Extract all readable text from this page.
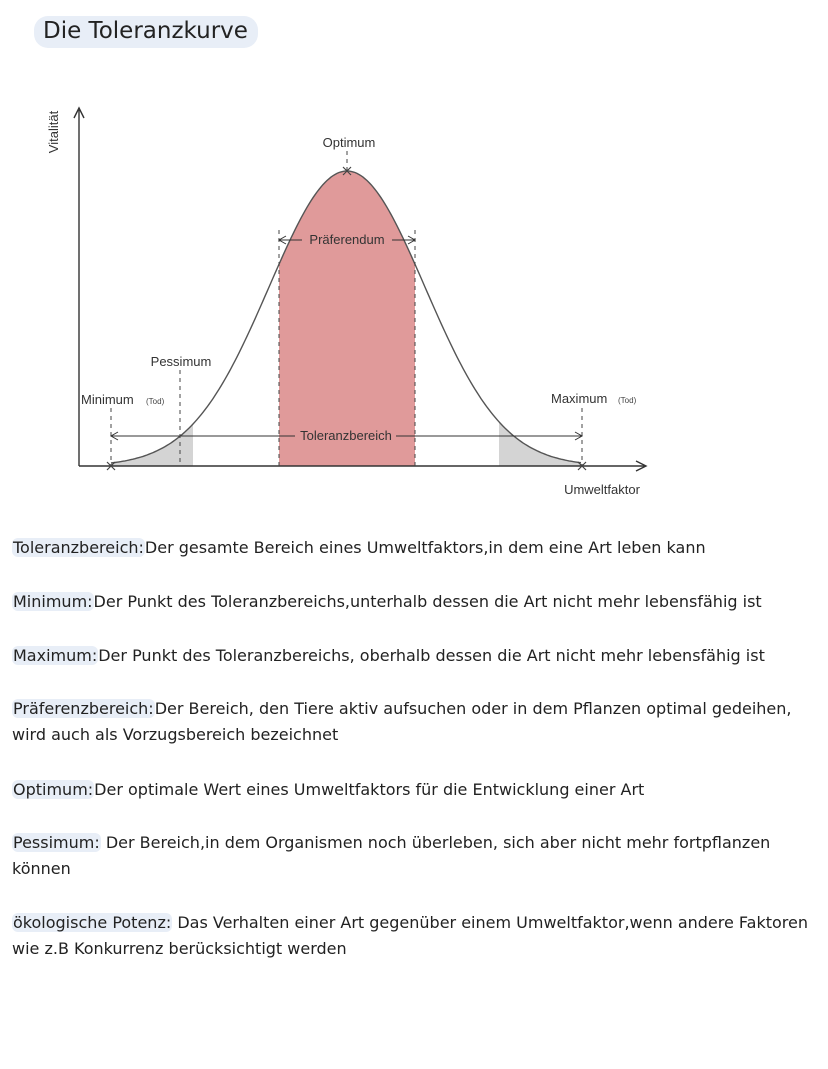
Die Toleranzkurve
Vitalität
Umweltfaktor
Optimum
Präferendum
Pessimum
Minimum (Tod)	Maximum (Tod)
Toleranzbereich

Toleranzbereich:Der gesamte Bereich eines Umweltfaktors,in dem eine Art leben kann

Minimum:Der Punkt des Toleranzbereichs,unterhalb dessen die Art nicht mehr lebensfähig ist

Maximum:Der Punkt des Toleranzbereichs, oberhalb dessen die Art nicht mehr lebensfähig ist

Präferenzbereich:Der Bereich, den Tiere aktiv aufsuchen oder in dem Pflanzen optimal gedeihen, wird auch als Vorzugsbereich bezeichnet

Optimum:Der optimale Wert eines Umweltfaktors für die Entwicklung einer Art

Pessimum: Der Bereich,in dem Organismen noch überleben, sich aber nicht mehr fortpflanzen können

ökologische Potenz: Das Verhalten einer Art gegenüber einem Umweltfaktor,wenn andere Faktoren wie z.B Konkurrenz berücksichtigt werden
